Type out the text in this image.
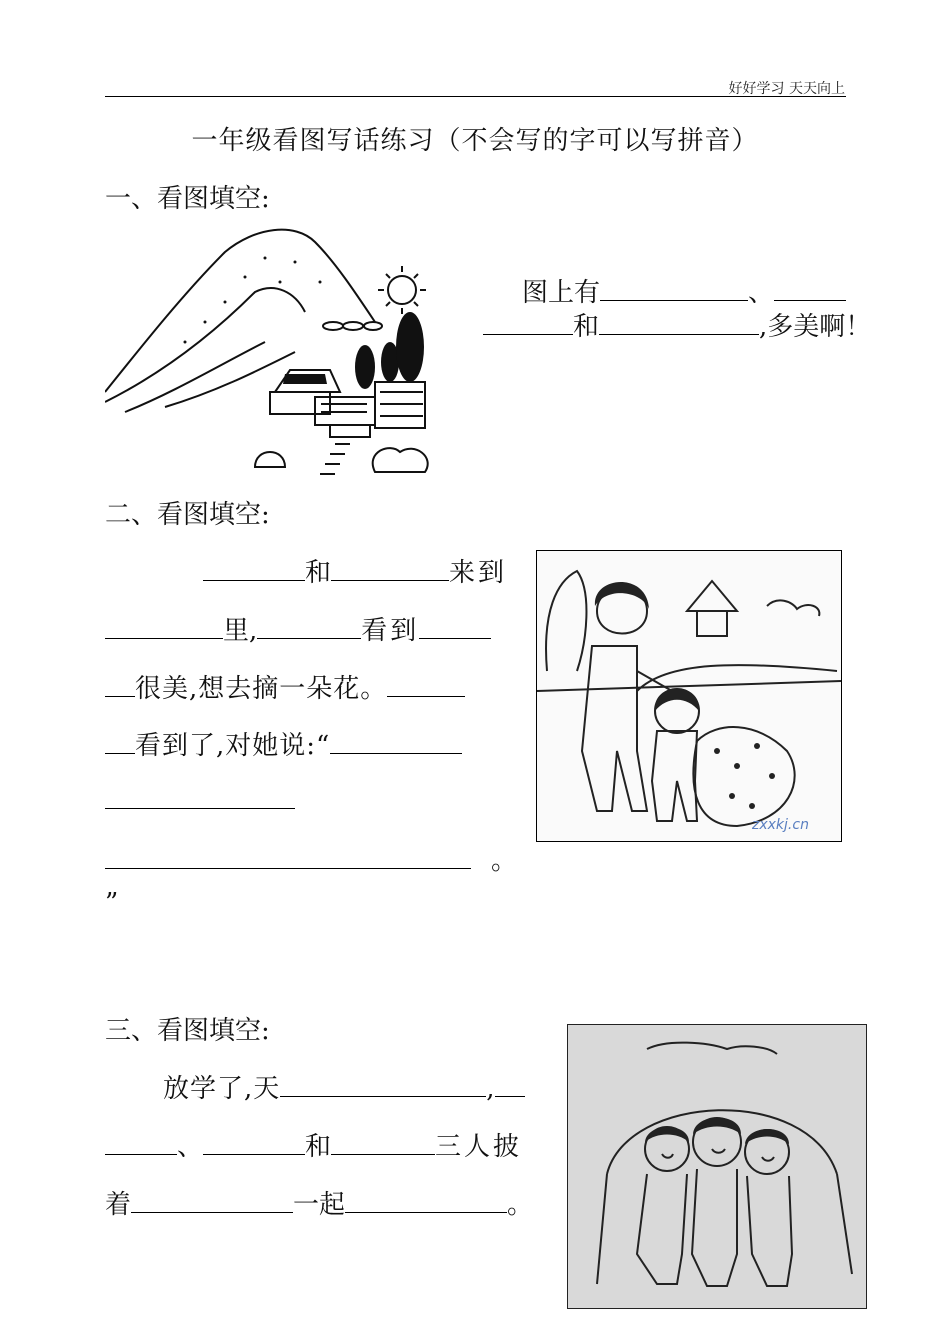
好好学习 天天向上
一年级看图写话练习（不会写的字可以写拼音）
一、看图填空:
图上有	、
和	,多美啊！
二、看图填空:
和	来到
里,	看到
很美,想去摘一朵花。
看到了,对她说:“
。
”
zxxkj.cn
三、看图填空:
放学了,天	,
、	和	三人披
着	一起	。
